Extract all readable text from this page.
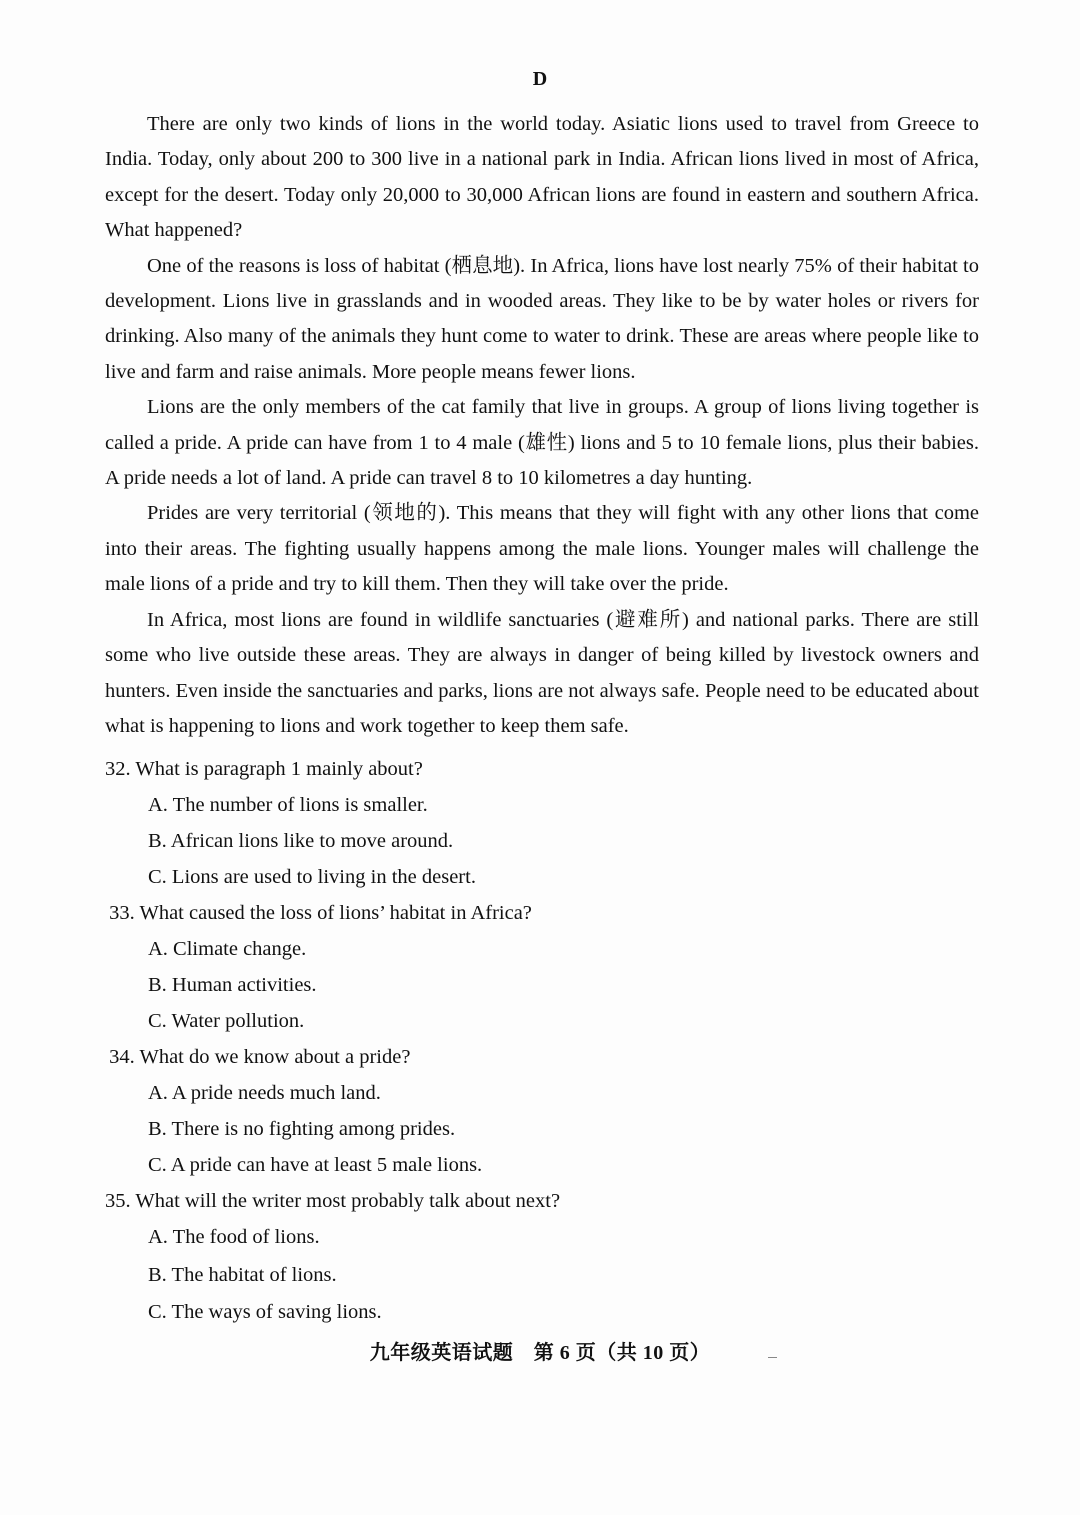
D

There are only two kinds of lions in the world today. Asiatic lions used to travel from Greece to India. Today, only about 200 to 300 live in a national park in India. African lions lived in most of Africa, except for the desert. Today only 20,000 to 30,000 African lions are found in eastern and southern Africa. What happened?

One of the reasons is loss of habitat (栖息地). In Africa, lions have lost nearly 75% of their habitat to development. Lions live in grasslands and in wooded areas. They like to be by water holes or rivers for drinking. Also many of the animals they hunt come to water to drink. These are areas where people like to live and farm and raise animals. More people means fewer lions.

Lions are the only members of the cat family that live in groups. A group of lions living together is called a pride. A pride can have from 1 to 4 male (雄性) lions and 5 to 10 female lions, plus their babies. A pride needs a lot of land. A pride can travel 8 to 10 kilometres a day hunting.

Prides are very territorial (领地的). This means that they will fight with any other lions that come into their areas. The fighting usually happens among the male lions. Younger males will challenge the male lions of a pride and try to kill them. Then they will take over the pride.

In Africa, most lions are found in wildlife sanctuaries (避难所) and national parks. There are still some who live outside these areas. They are always in danger of being killed by livestock owners and hunters. Even inside the sanctuaries and parks, lions are not always safe. People need to be educated about what is happening to lions and work together to keep them safe.

32. What is paragraph 1 mainly about?
A. The number of lions is smaller.
B. African lions like to move around.
C. Lions are used to living in the desert.
 33. What caused the loss of lions’ habitat in Africa?
A. Climate change.
B. Human activities.
C. Water pollution.
 34. What do we know about a pride?
A. A pride needs much land.
B. There is no fighting among prides.
C. A pride can have at least 5 male lions.
35. What will the writer most probably talk about next?
A. The food of lions.
B. The habitat of lions.
C. The ways of saving lions.
九年级英语试题　第 6 页（共 10 页）
